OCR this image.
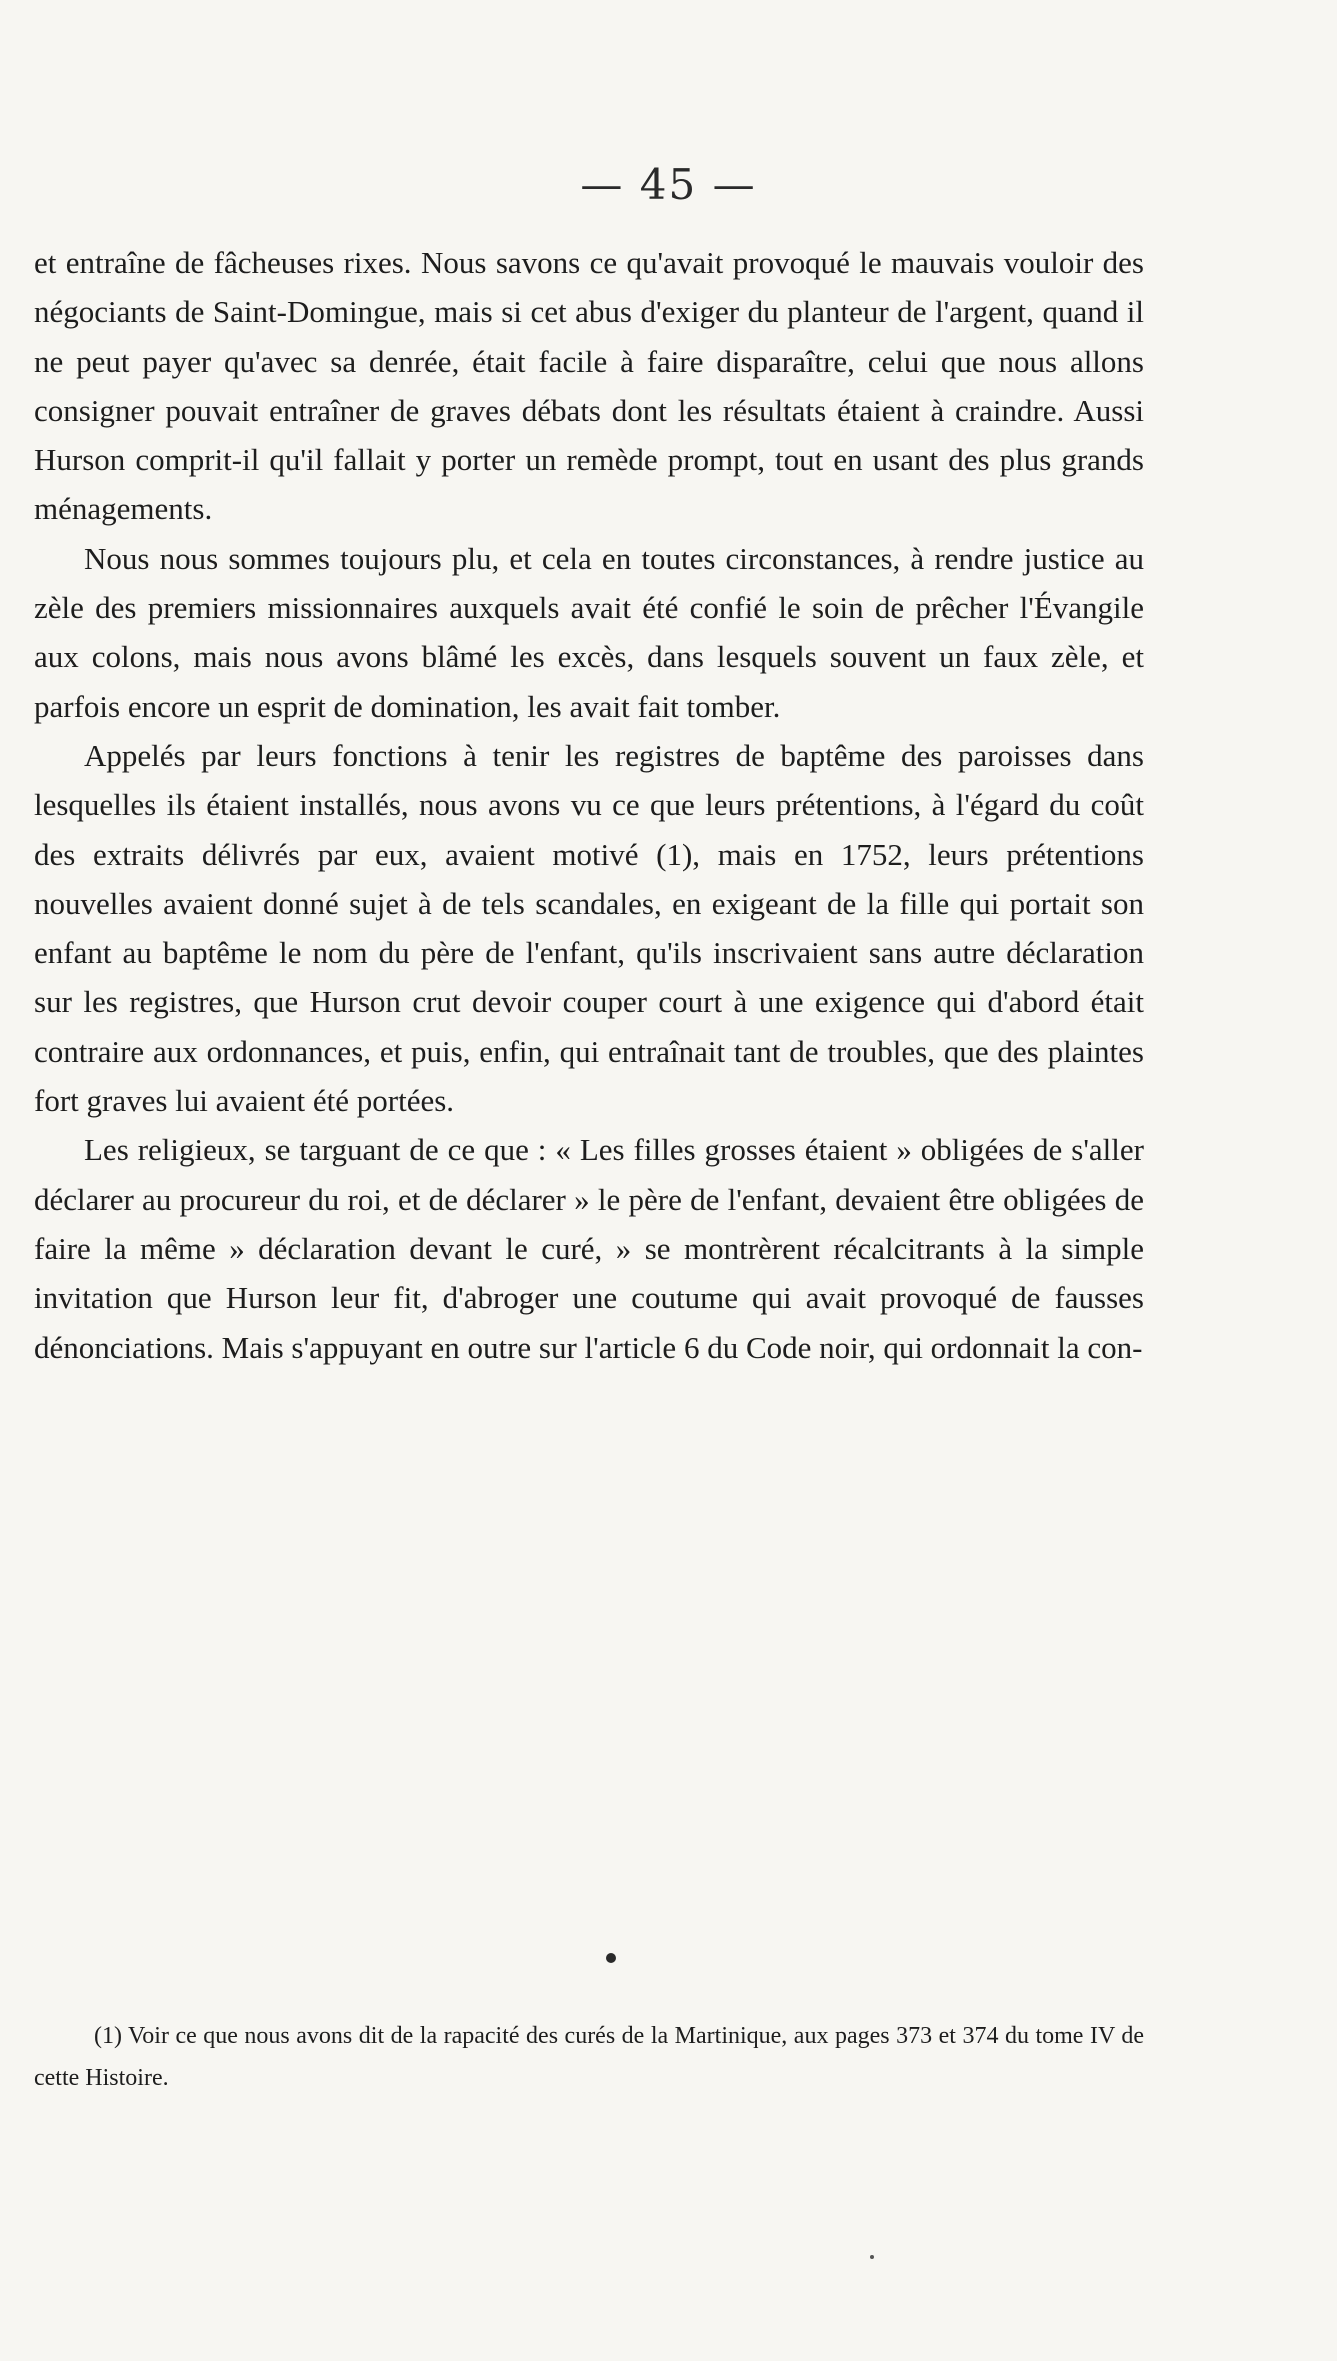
— 45 —

et entraîne de fâcheuses rixes. Nous savons ce qu'avait provoqué le mauvais vouloir des négociants de Saint-Domingue, mais si cet abus d'exiger du planteur de l'argent, quand il ne peut payer qu'avec sa denrée, était facile à faire disparaître, celui que nous allons consigner pouvait entraîner de graves débats dont les résultats étaient à craindre. Aussi Hurson comprit-il qu'il fallait y porter un remède prompt, tout en usant des plus grands ménagements.

Nous nous sommes toujours plu, et cela en toutes circonstances, à rendre justice au zèle des premiers missionnaires auxquels avait été confié le soin de prêcher l'Évangile aux colons, mais nous avons blâmé les excès, dans lesquels souvent un faux zèle, et parfois encore un esprit de domination, les avait fait tomber.

Appelés par leurs fonctions à tenir les registres de baptême des paroisses dans lesquelles ils étaient installés, nous avons vu ce que leurs prétentions, à l'égard du coût des extraits délivrés par eux, avaient motivé (1), mais en 1752, leurs prétentions nouvelles avaient donné sujet à de tels scandales, en exigeant de la fille qui portait son enfant au baptême le nom du père de l'enfant, qu'ils inscrivaient sans autre déclaration sur les registres, que Hurson crut devoir couper court à une exigence qui d'abord était contraire aux ordonnances, et puis, enfin, qui entraînait tant de troubles, que des plaintes fort graves lui avaient été portées.

Les religieux, se targuant de ce que : « Les filles grosses étaient » obligées de s'aller déclarer au procureur du roi, et de déclarer » le père de l'enfant, devaient être obligées de faire la même » déclaration devant le curé, » se montrèrent récalcitrants à la simple invitation que Hurson leur fit, d'abroger une coutume qui avait provoqué de fausses dénonciations. Mais s'appuyant en outre sur l'article 6 du Code noir, qui ordonnait la con-

(1) Voir ce que nous avons dit de la rapacité des curés de la Martinique, aux pages 373 et 374 du tome IV de cette Histoire.
